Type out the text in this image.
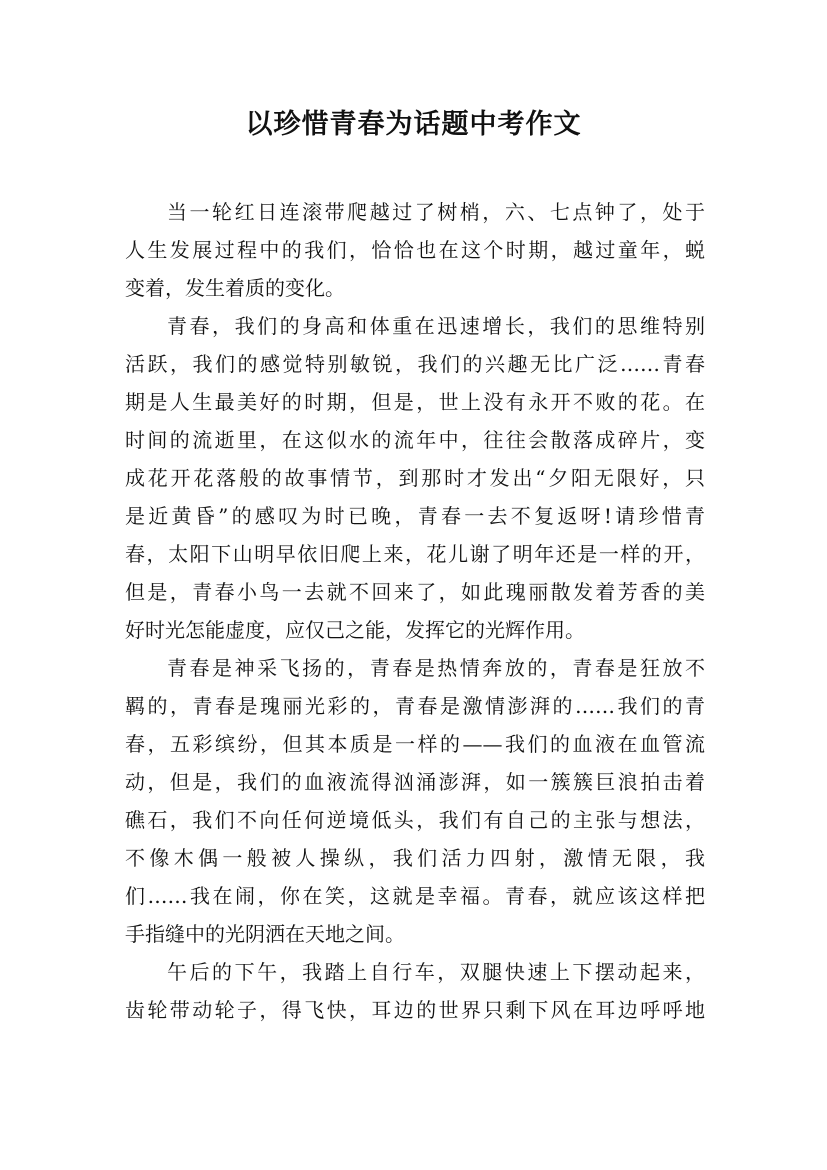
以珍惜青春为话题中考作文

当一轮红日连滚带爬越过了树梢，六、七点钟了，处于
人生发展过程中的我们，恰恰也在这个时期，越过童年，蜕
变着，发生着质的变化。

青春，我们的身高和体重在迅速增长，我们的思维特别
活跃，我们的感觉特别敏锐，我们的兴趣无比广泛……青春
期是人生最美好的时期，但是，世上没有永开不败的花。在
时间的流逝里，在这似水的流年中，往往会散落成碎片，变
成花开花落般的故事情节，到那时才发出“夕阳无限好，只
是近黄昏”的感叹为时已晚，青春一去不复返呀!请珍惜青
春，太阳下山明早依旧爬上来，花儿谢了明年还是一样的开，
但是，青春小鸟一去就不回来了，如此瑰丽散发着芳香的美
好时光怎能虚度，应仅己之能，发挥它的光辉作用。

青春是神采飞扬的，青春是热情奔放的，青春是狂放不
羁的，青春是瑰丽光彩的，青春是激情澎湃的……我们的青
春，五彩缤纷，但其本质是一样的——我们的血液在血管流
动，但是，我们的血液流得汹涌澎湃，如一簇簇巨浪拍击着
礁石，我们不向任何逆境低头，我们有自己的主张与想法，
不像木偶一般被人操纵，我们活力四射，激情无限，我
们……我在闹，你在笑，这就是幸福。青春，就应该这样把
手指缝中的光阴洒在天地之间。

午后的下午，我踏上自行车，双腿快速上下摆动起来，
齿轮带动轮子，得飞快，耳边的世界只剩下风在耳边呼呼地
